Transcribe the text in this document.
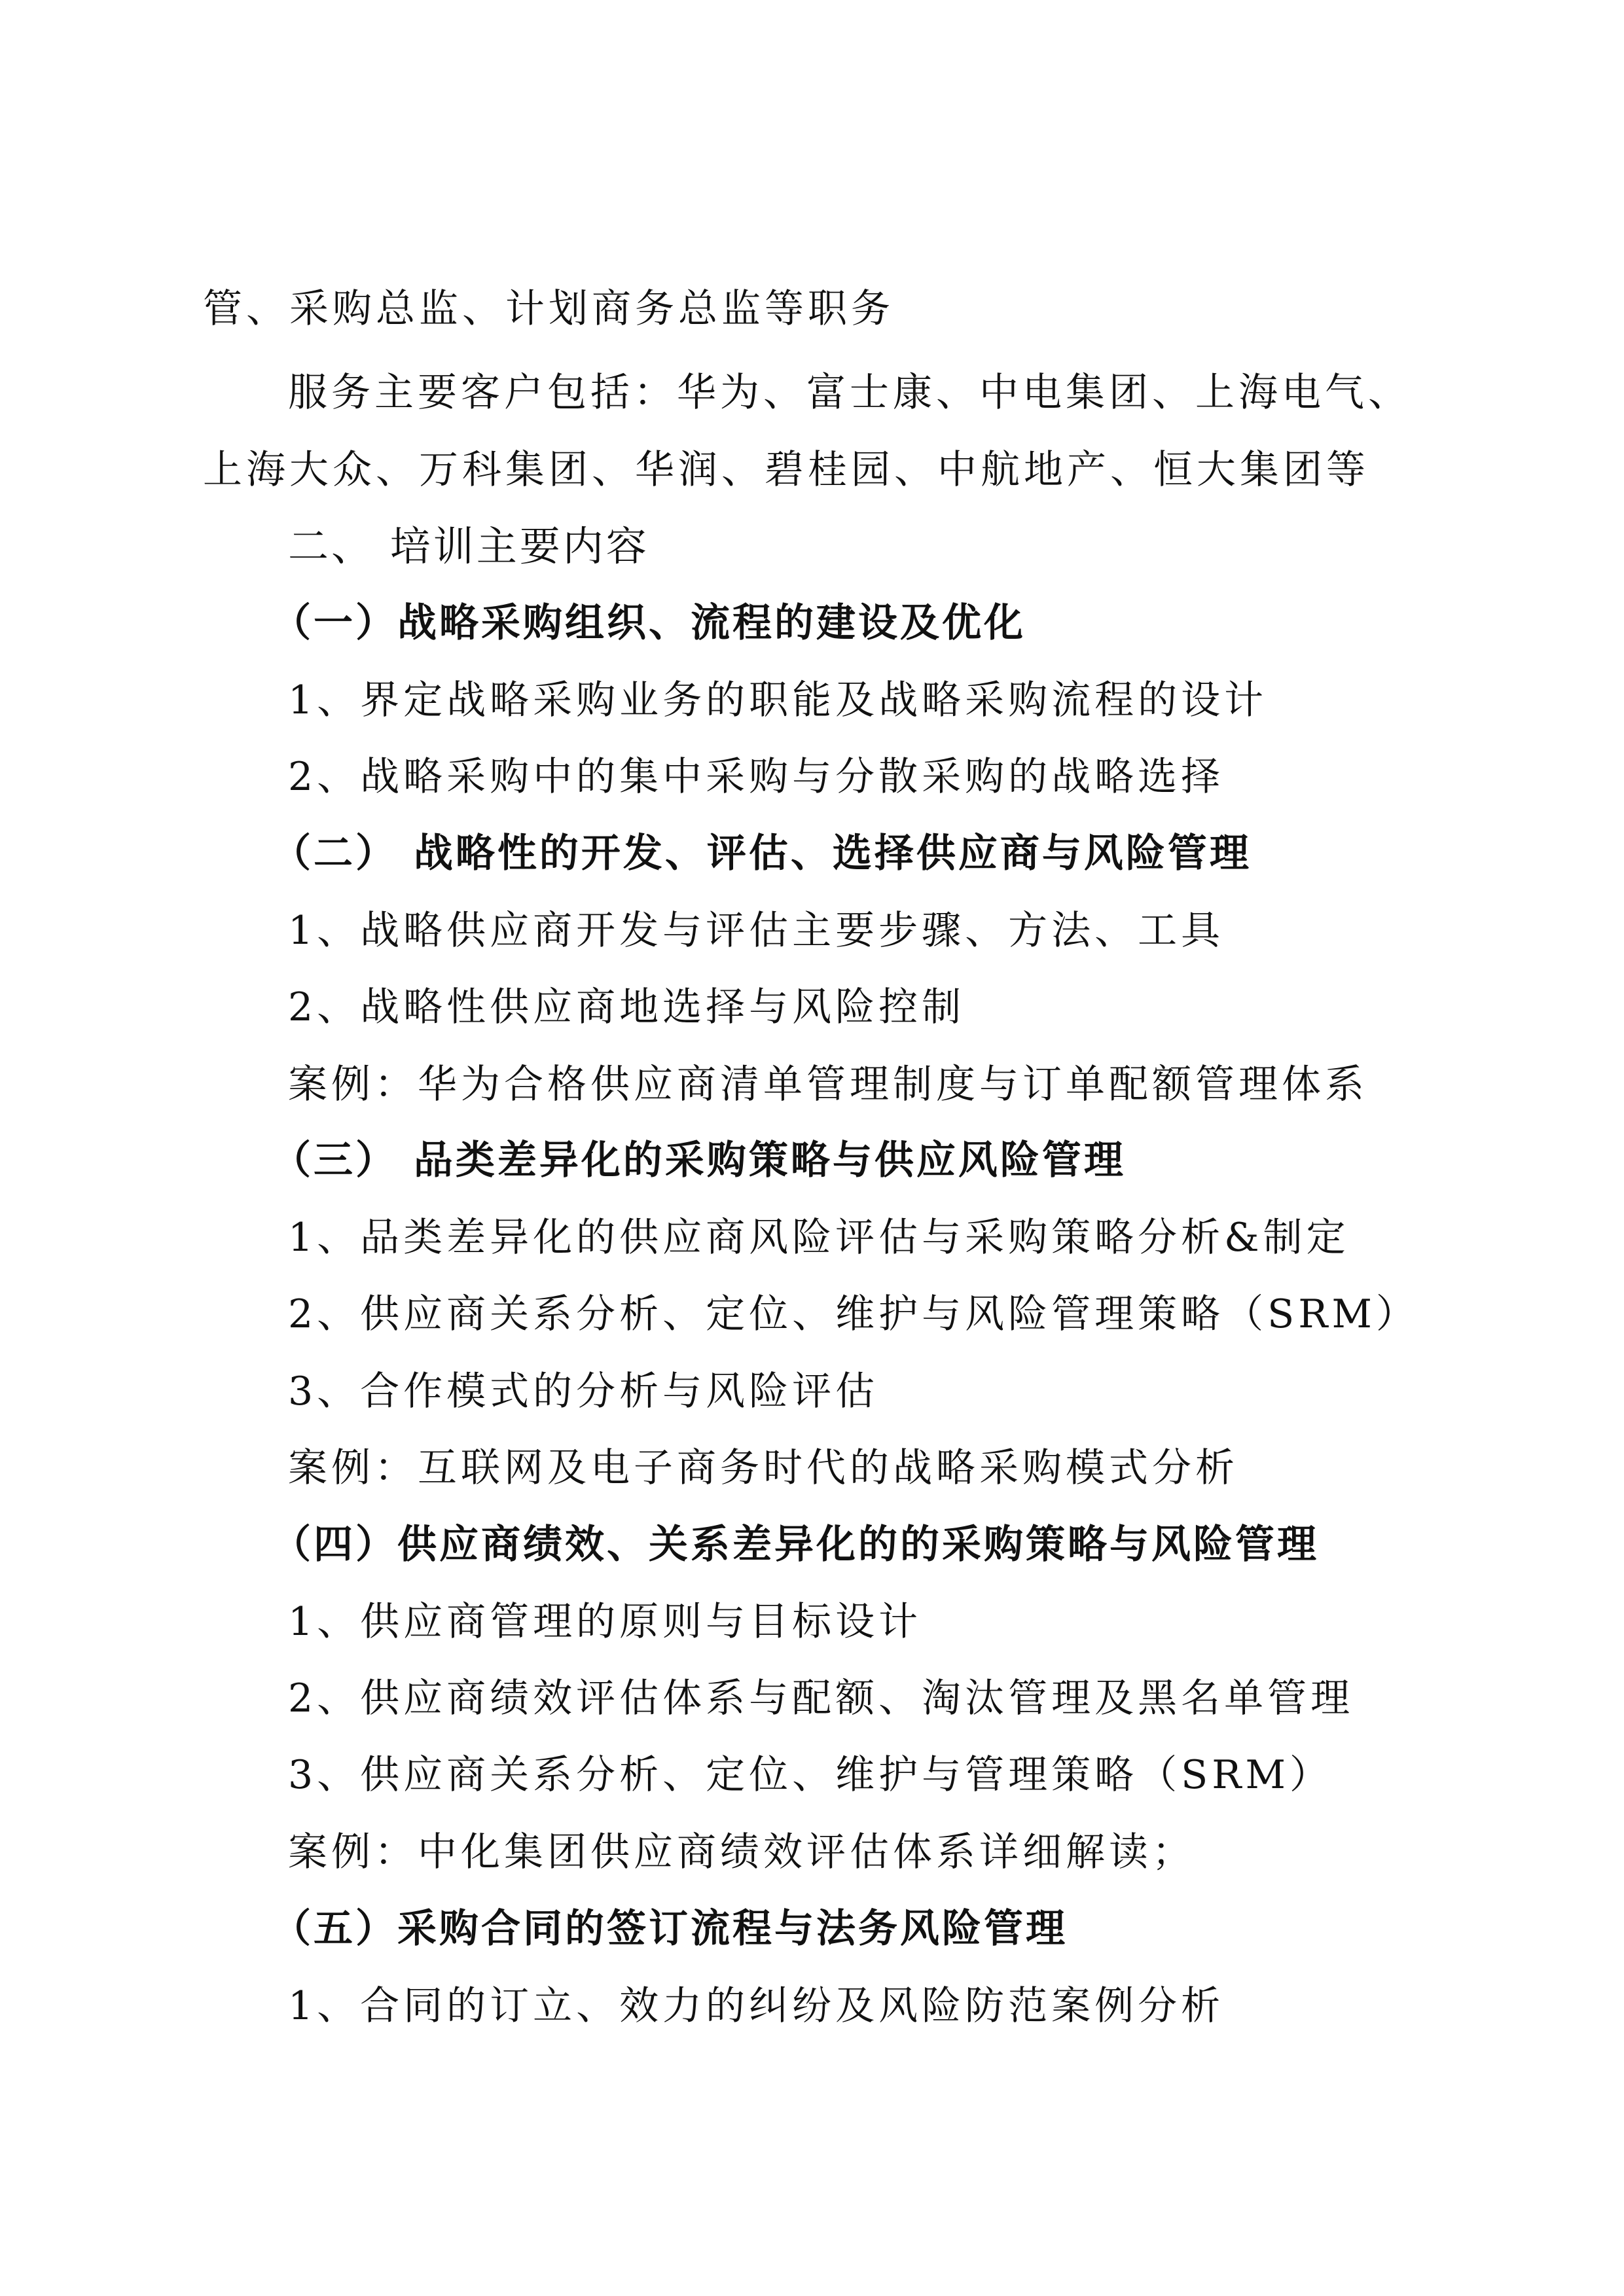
管、采购总监、计划商务总监等职务
服务主要客户包括：华为、富士康、中电集团、上海电气、
上海大众、万科集团、华润、碧桂园、中航地产、恒大集团等
二、 培训主要内容
（一）战略采购组织、流程的建设及优化
1、界定战略采购业务的职能及战略采购流程的设计
2、战略采购中的集中采购与分散采购的战略选择
（二） 战略性的开发、评估、选择供应商与风险管理
1、战略供应商开发与评估主要步骤、方法、工具
2、战略性供应商地选择与风险控制
案例：华为合格供应商清单管理制度与订单配额管理体系
（三） 品类差异化的采购策略与供应风险管理
1、品类差异化的供应商风险评估与采购策略分析&制定
2、供应商关系分析、定位、维护与风险管理策略（SRM）
3、合作模式的分析与风险评估
案例：互联网及电子商务时代的战略采购模式分析
（四）供应商绩效、关系差异化的的采购策略与风险管理
1、供应商管理的原则与目标设计
2、供应商绩效评估体系与配额、淘汰管理及黑名单管理
3、供应商关系分析、定位、维护与管理策略（SRM）
案例：中化集团供应商绩效评估体系详细解读；
（五）采购合同的签订流程与法务风险管理
1、合同的订立、效力的纠纷及风险防范案例分析
